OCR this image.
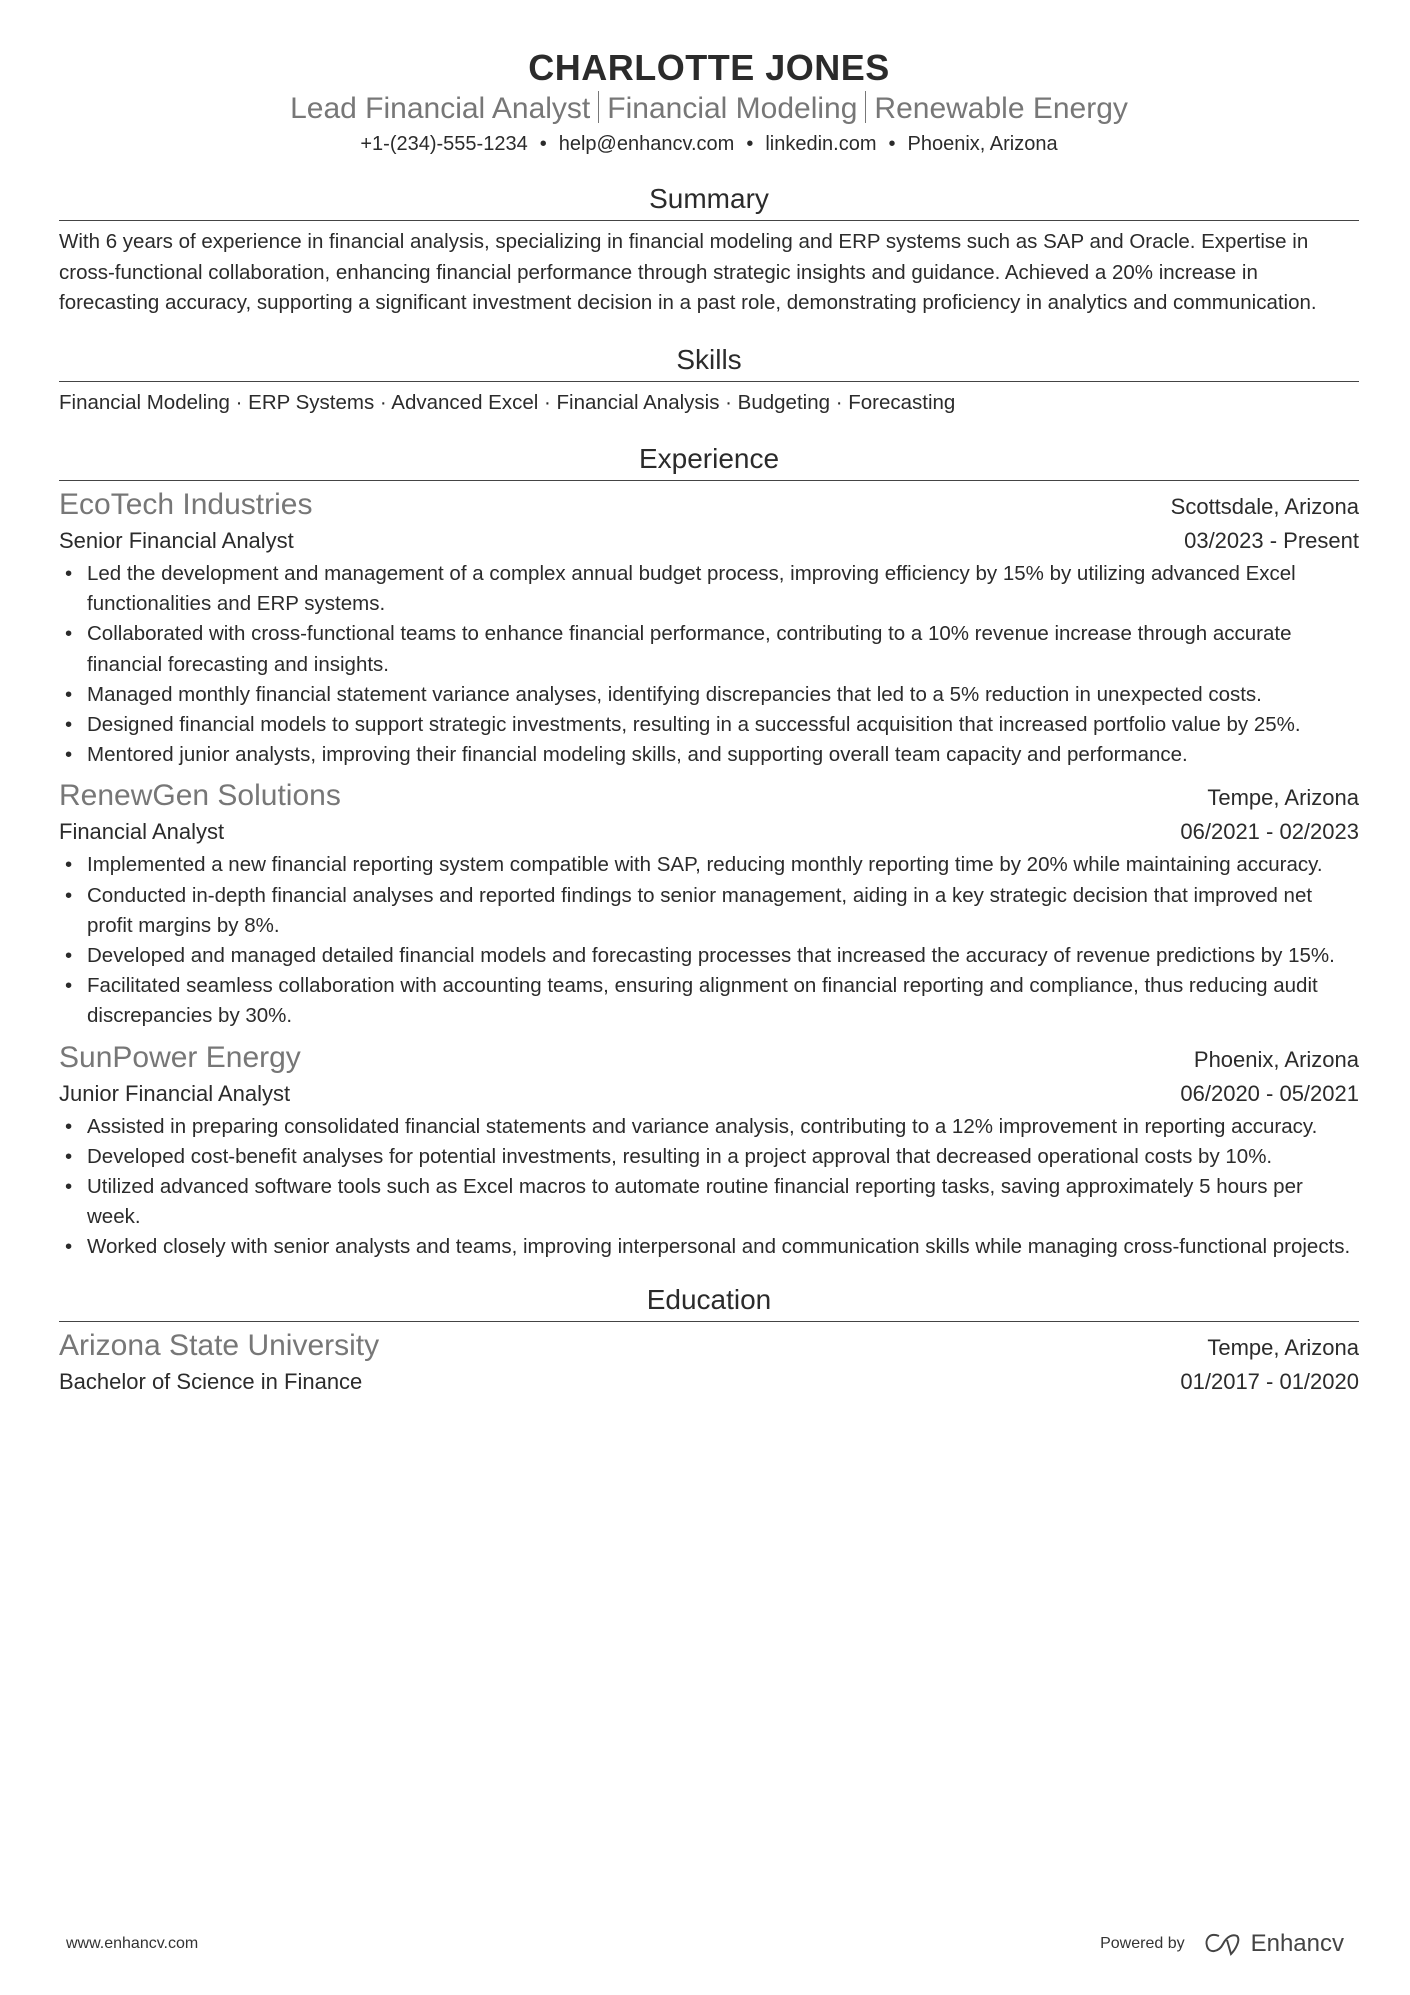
CHARLOTTE JONES
Lead Financial Analyst Financial Modeling Renewable Energy
+1-(234)-555-1234 • help@enhancv.com • linkedin.com • Phoenix, Arizona
Summary
With 6 years of experience in financial analysis, specializing in financial modeling and ERP systems such as SAP and Oracle. Expertise in cross-functional collaboration, enhancing financial performance through strategic insights and guidance. Achieved a 20% increase in forecasting accuracy, supporting a significant investment decision in a past role, demonstrating proficiency in analytics and communication.
Skills
Financial Modeling · ERP Systems · Advanced Excel · Financial Analysis · Budgeting · Forecasting
Experience
EcoTech Industries	Scottsdale, Arizona
Senior Financial Analyst	03/2023 - Present
• Led the development and management of a complex annual budget process, improving efficiency by 15% by utilizing advanced Excel functionalities and ERP systems.
• Collaborated with cross-functional teams to enhance financial performance, contributing to a 10% revenue increase through accurate financial forecasting and insights.
• Managed monthly financial statement variance analyses, identifying discrepancies that led to a 5% reduction in unexpected costs.
• Designed financial models to support strategic investments, resulting in a successful acquisition that increased portfolio value by 25%.
• Mentored junior analysts, improving their financial modeling skills, and supporting overall team capacity and performance.
RenewGen Solutions	Tempe, Arizona
Financial Analyst	06/2021 - 02/2023
• Implemented a new financial reporting system compatible with SAP, reducing monthly reporting time by 20% while maintaining accuracy.
• Conducted in-depth financial analyses and reported findings to senior management, aiding in a key strategic decision that improved net profit margins by 8%.
• Developed and managed detailed financial models and forecasting processes that increased the accuracy of revenue predictions by 15%.
• Facilitated seamless collaboration with accounting teams, ensuring alignment on financial reporting and compliance, thus reducing audit discrepancies by 30%.
SunPower Energy	Phoenix, Arizona
Junior Financial Analyst	06/2020 - 05/2021
• Assisted in preparing consolidated financial statements and variance analysis, contributing to a 12% improvement in reporting accuracy.
• Developed cost-benefit analyses for potential investments, resulting in a project approval that decreased operational costs by 10%.
• Utilized advanced software tools such as Excel macros to automate routine financial reporting tasks, saving approximately 5 hours per week.
• Worked closely with senior analysts and teams, improving interpersonal and communication skills while managing cross-functional projects.
Education
Arizona State University	Tempe, Arizona
Bachelor of Science in Finance	01/2017 - 01/2020
www.enhancv.com	Powered by	Enhancv
